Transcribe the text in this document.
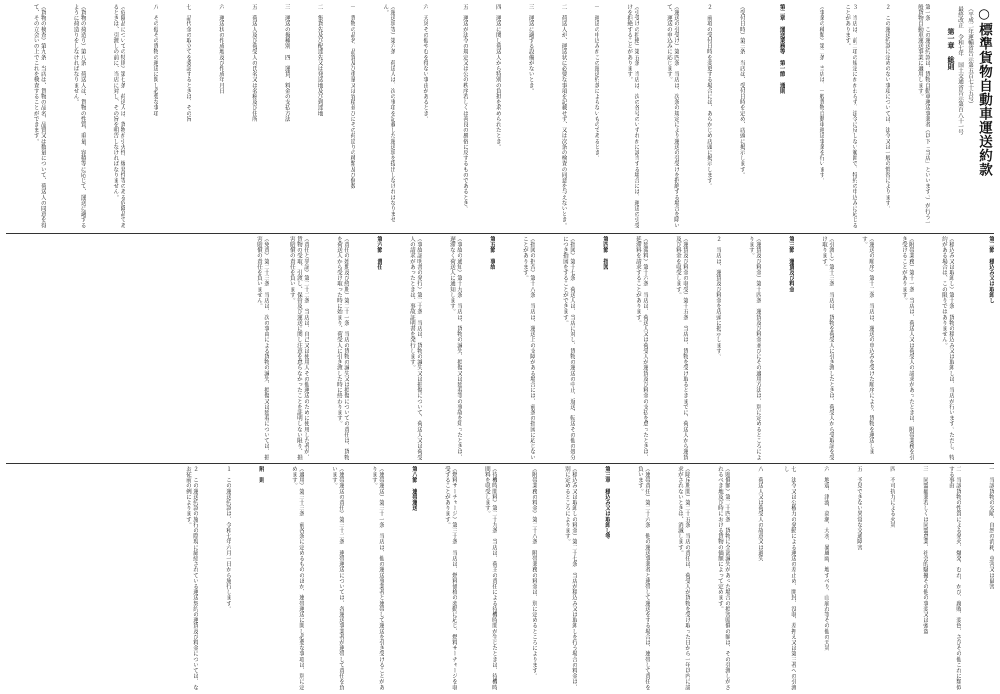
○標準貨物自動車運送約款
（平成二年運輸省告示第五百七十五号）
最終改正　令和七年　国土交通省告示第百八十一号
第一章　総則
第一条　この運送約款は、貨物自動車運送事業者（以下「当店」といいます。）が行う一般貨物自動車運送事業に適用します。
２　この運送約款に定めのない事項については、法令又は一般の慣習によります。
３　当店は、前二項の規定にかかわらず、法令に反しない範囲で、特約の申込みに応じることがあります。
（事業の種類）第二条　当店は、一般貨物自動車運送事業を行います。
第二章　運送業務等　第一節　通則
（受付日時）第三条　当店は、受付日時を定め、店頭に掲示します。
２　前項の受付日時を変更する場合には、あらかじめ店頭に掲示します。
（運送の引受け）第四条　当店は、次条の規定により運送の引受けを拒絶する場合を除いて、運送の申込みに応じます。
（引受けの拒絶）第五条　当店は、次の各号のいずれかに該当する場合には、運送の引受けを拒絶することがあります。
一　運送の申込みがこの運送約款によらないものであるとき。
二　荷送人が、運送状に必要な事項を記載せず、又は次条の検査の同意を与えないとき。
三　運送に適する設備がないとき。
四　運送に関し荷送人から特別の負担を求められたとき。
五　運送が法令の規定又は公の秩序若しくは善良の風俗に反するものであるとき。
六　天災その他やむを得ない事由があるとき。
（運送状等）第六条　荷送人は、次の事項を記載した運送状を提出しなければなりません。
一　貨物の品名、品質及び重量又は容積並びにその荷造りの種類及び個数
二　集貨先及び配達先又は発送地及び到達地
三　運送の扱種別　四　運賃、料金の支払方法
五　荷送人及び荷受人の氏名又は名称及び住所
六　運送状の作成地及び作成年月日
七　品代金の取立てを委託するときは、その旨
八　その他その貨物の運送に関し必要な事項
（危険品についての特則）第七条　荷送人は、貨物が引火性、爆発性等のある危険品であるときは、引渡しの前に、当店に対し、その旨を明告しなければなりません。
（貨物の荷造り）第八条　荷送人は、貨物の性質、重量、容積等に応じて、運送に適するように荷造りをしなければなりません。
（貨物の検査）第九条　当店は、貨物の品名、品質又は数量について、荷送人の同意を得て、その立会いの上でこれを検査することができます。
第二節　積込み又は取卸し
（積込み又は取卸し）第十条　貨物の積込み又は取卸しは、当店が行います。ただし、特約がある場合は、この限りではありません。
（附帯業務）第十一条　当店は、荷送人又は荷受人の請求があったときは、附帯業務を引き受けることがあります。
（運送の順序）第十二条　当店は、運送の申込みを受けた順序により、貨物を運送します。
（引渡し）第十三条　当店は、貨物を荷受人に引き渡したときは、荷受人から受取証を受け取ります。
第三節　運賃及び料金
（運賃及び料金）第十四条　運賃及び料金並びにその適用方法は、別に定めるところによります。
２　当店は、運賃及び料金を店頭に掲示します。
（運賃及び料金の収受）第十五条　当店は、貨物を受け取るときまでに、荷送人から運賃及び料金を収受します。
（延滞料）第十六条　当店は、荷送人又は荷受人が運賃及び料金の支払を怠ったときは、延滞料を請求することがあります。
第四節　指図
（指図）第十七条　荷送人は、当店に対し、貨物の運送の中止、返送、転送その他の処分につき指図をすることができます。
（指図の拒否）第十八条　当店は、運送上の支障がある場合には、前条の指図に応じないことがあります。
第五節　事故
（事故の通知）第十九条　当店は、貨物の滅失、損傷又は延着等の事故を知ったときは、遅滞なく荷送人に通知します。
（事故証明書の発行）第二十条　当店は、貨物の滅失又は損傷について、荷送人又は荷受人の請求があったときは、事故証明書を発行します。
第六節　責任
（責任の始期及び終期）第二十一条　当店の貨物の滅失又は損傷についての責任は、貨物を荷送人から受け取った時に始まり、荷受人に引き渡した時に終わります。
（責任と挙証）第二十二条　当店は、自己又は使用人その他運送のために使用した者が、貨物の受取、引渡し、保管及び運送に関し注意を怠らなかったことを証明しない限り、損害賠償の責任を負います。
（免責）第二十三条　当店は、次の事由による貨物の滅失、損傷又は延着については、損害賠償の責任を負いません。
一　当該貨物の欠陥、自然の消耗、虫害又は鼠害
二　当該貨物の性質による発火、爆発、むれ、かび、腐敗、変色、さびその他これに類似する事由
三　同盟罷業若しくは同盟怠業、社会的騒擾その他の事変又は強盗
四　不可抗力による火災
五　予見できない異常な交通障害
六　地震、津波、高潮、大水、暴風雨、地すべり、山崩れ等その他の天災
七　法令又は公権力の発動による運送の差止め、開封、没収、差押え又は第三者への引渡し
八　荷送人又は荷受人の故意又は過失
（賠償額）第二十四条　貨物に全部滅失があった場合の損害賠償の額は、その引渡しがされるべき地及び時における貨物の価額によって定めます。
（除斥期間）第二十五条　当店の責任は、荷受人が貨物を受け取った日から一年以内に請求がされないときは、消滅します。
（連帯責任）第二十六条　他の運送事業者と連帯して運送をする場合は、連帯して責任を負います。
第三章　積込み又は取卸し等
（積込み又は取卸しの料金）第二十七条　当店が積込み又は取卸しを行う場合の料金は、別に定めるところによります。
（附帯業務の料金）第二十八条　附帯業務の料金は、別に定めるところによります。
（待機時間料）第二十九条　当店は、荷主の責任による待機時間が生じたときは、待機時間料を収受します。
（燃料サーチャージ）第三十条　当店は、燃料価格の変動に応じ、燃料サーチャージを収受することがあります。
第八節　連帯運送
（連帯運送）第三十一条　当店は、他の運送事業者と連帯して運送を引き受けることがあります。
（連帯運送の責任）第三十二条　連帯運送については、各運送事業者が連帯して責任を負います。
（適用）第三十三条　前各条に定めるもののほか、連帯運送に関し必要な事項は、別に定めます。
附　則
１　この運送約款は、令和七年六月一日から施行します。
２　この運送約款の施行の際現に締結されている運送契約の運賃及び料金については、なお従前の例によります。
